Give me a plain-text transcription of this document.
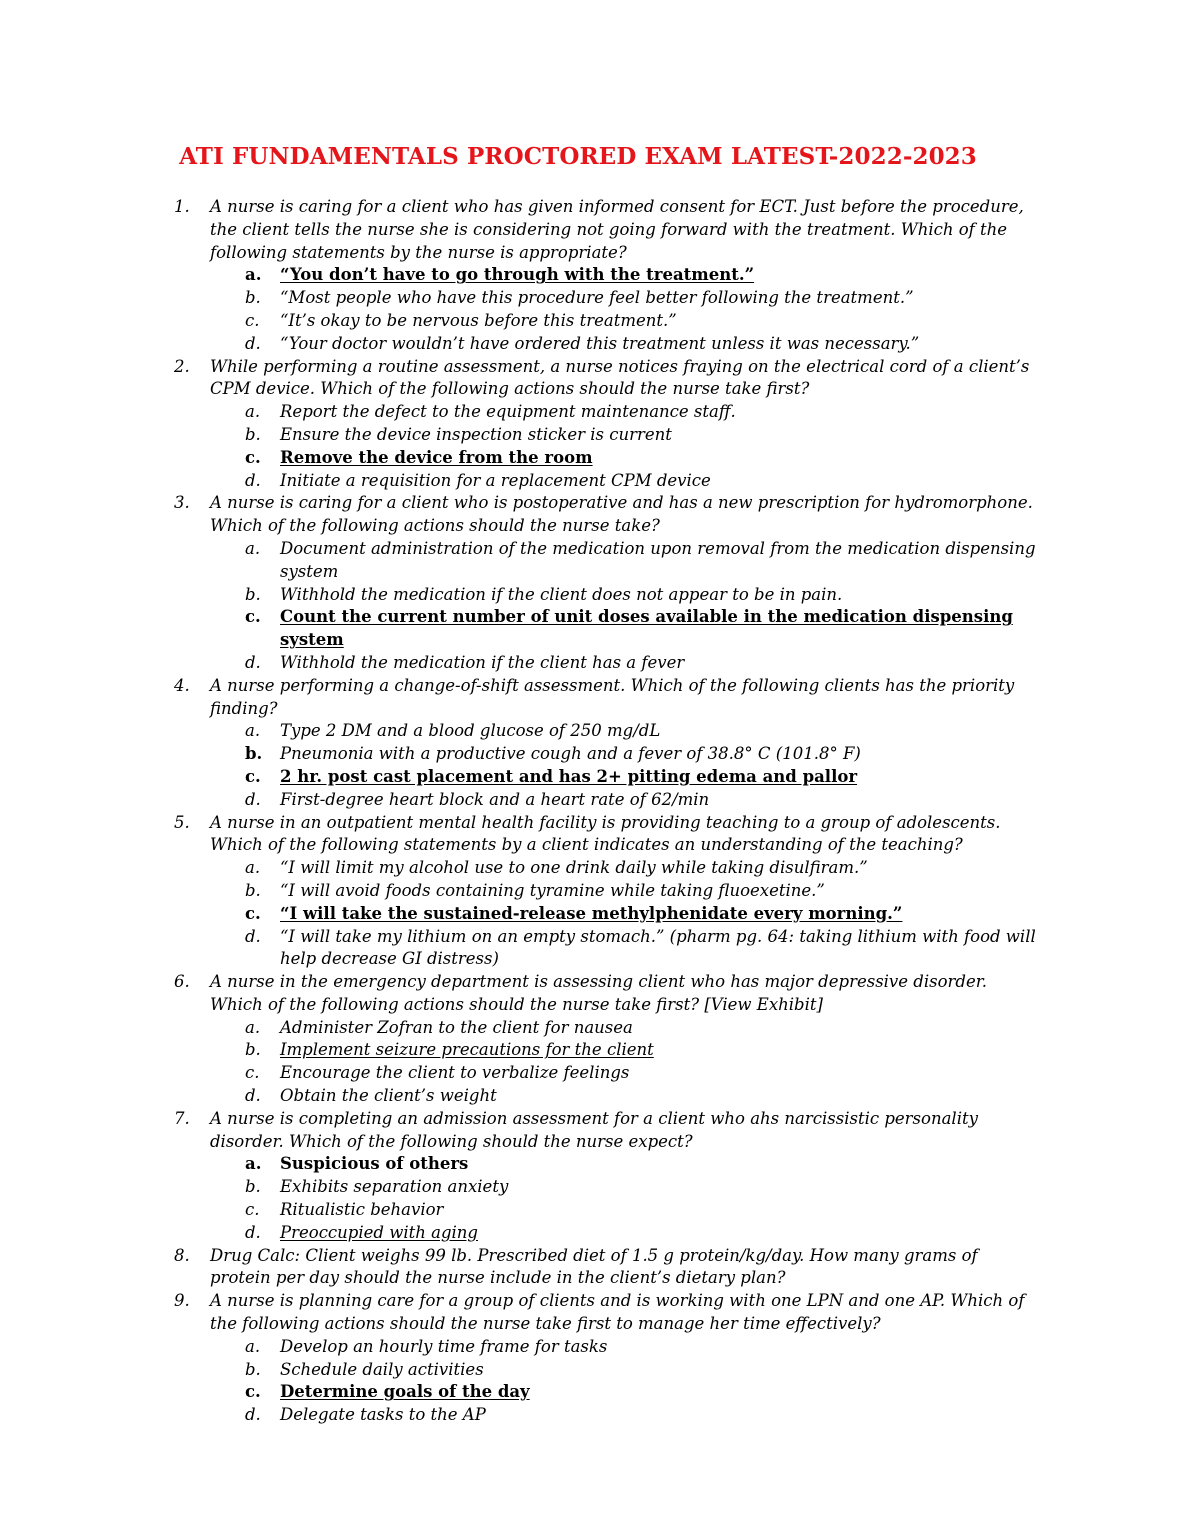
ATI FUNDAMENTALS PROCTORED EXAM LATEST-2022-2023
1.	A nurse is caring for a client who has given informed consent for ECT. Just before the procedure, the client tells the nurse she is considering not going forward with the treatment. Which of the following statements by the nurse is appropriate?
a. “You don’t have to go through with the treatment.”
b. “Most people who have this procedure feel better following the treatment.”
c.	“It’s okay to be nervous before this treatment.”
d. “Your doctor wouldn’t have ordered this treatment unless it was necessary.”
2.	While performing a routine assessment, a nurse notices fraying on the electrical cord of a client’s CPM device. Which of the following actions should the nurse take first?
a. Report the defect to the equipment maintenance staff.
b. Ensure the device inspection sticker is current
c. Remove the device from the room
d. Initiate a requisition for a replacement CPM device
3.	A nurse is caring for a client who is postoperative and has a new prescription for hydromorphone. Which of the following actions should the nurse take?
a. Document administration of the medication upon removal from the medication dispensing system
b. Withhold the medication if the client does not appear to be in pain.
c. Count the current number of unit doses available in the medication dispensing system
d. Withhold the medication if the client has a fever
4.	A nurse performing a change-of-shift assessment. Which of the following clients has the priority finding?
a. Type 2 DM and a blood glucose of 250 mg/dL
b. Pneumonia with a productive cough and a fever of 38.8° C (101.8° F)
c. 2 hr. post cast placement and has 2+ pitting edema and pallor
d. First-degree heart block and a heart rate of 62/min
5.	A nurse in an outpatient mental health facility is providing teaching to a group of adolescents. Which of the following statements by a client indicates an understanding of the teaching?
a. “I will limit my alcohol use to one drink daily while taking disulfiram.”
b. “I will avoid foods containing tyramine while taking fluoexetine.”
c. “I will take the sustained-release methylphenidate every morning.”
d. “I will take my lithium on an empty stomach.” (pharm pg. 64: taking lithium with food will help decrease GI distress)
6.	A nurse in the emergency department is assessing client who has major depressive disorder. Which of the following actions should the nurse take first? [View Exhibit]
a. Administer Zofran to the client for nausea
b. Implement seizure precautions for the client
c.	Encourage the client to verbalize feelings
d. Obtain the client’s weight
7.	A nurse is completing an admission assessment for a client who ahs narcissistic personality disorder. Which of the following should the nurse expect?
a. Suspicious of others
b. Exhibits separation anxiety
c.	Ritualistic behavior
d. Preoccupied with aging
8.	Drug Calc: Client weighs 99 lb. Prescribed diet of 1.5 g protein/kg/day. How many grams of protein per day should the nurse include in the client’s dietary plan?
9.	A nurse is planning care for a group of clients and is working with one LPN and one AP. Which of the following actions should the nurse take first to manage her time effectively?
a. Develop an hourly time frame for tasks
b. Schedule daily activities
c. Determine goals of the day
d. Delegate tasks to the AP
